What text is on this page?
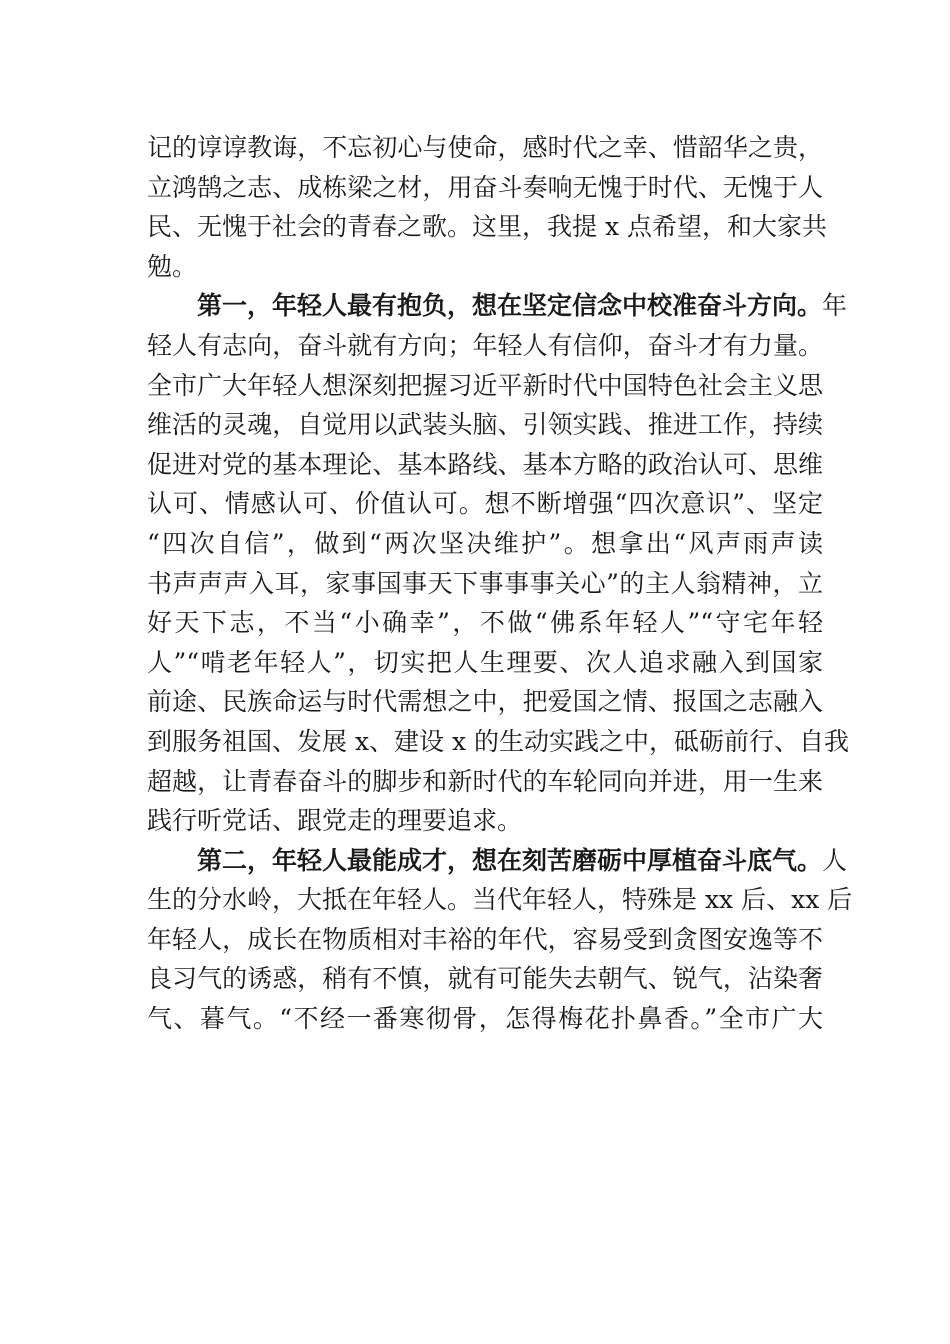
记的谆谆教诲，不忘初心与使命，感时代之幸、惜韶华之贵，
立鸿鹄之志、成栋梁之材，用奋斗奏响无愧于时代、无愧于人
民、无愧于社会的青春之歌。这里，我提 x 点希望，和大家共
勉。
第一，年轻人最有抱负，想在坚定信念中校准奋斗方向。年
轻人有志向，奋斗就有方向；年轻人有信仰，奋斗才有力量。
全市广大年轻人想深刻把握习近平新时代中国特色社会主义思
维活的灵魂，自觉用以武装头脑、引领实践、推进工作，持续
促进对党的基本理论、基本路线、基本方略的政治认可、思维
认可、情感认可、价值认可。想不断增强“四次意识”、坚定
“四次自信”，做到“两次坚决维护”。想拿出“风声雨声读
书声声声入耳，家事国事天下事事事关心”的主人翁精神，立
好天下志，不当“小确幸”，不做“佛系年轻人”“守宅年轻
人”“啃老年轻人”，切实把人生理要、次人追求融入到国家
前途、民族命运与时代需想之中，把爱国之情、报国之志融入
到服务祖国、发展 x、建设 x 的生动实践之中，砥砺前行、自我
超越，让青春奋斗的脚步和新时代的车轮同向并进，用一生来
践行听党话、跟党走的理要追求。
第二，年轻人最能成才，想在刻苦磨砺中厚植奋斗底气。人
生的分水岭，大抵在年轻人。当代年轻人，特殊是 xx 后、xx 后
年轻人，成长在物质相对丰裕的年代，容易受到贪图安逸等不
良习气的诱惑，稍有不慎，就有可能失去朝气、锐气，沾染奢
气、暮气。“不经一番寒彻骨，怎得梅花扑鼻香。”全市广大
